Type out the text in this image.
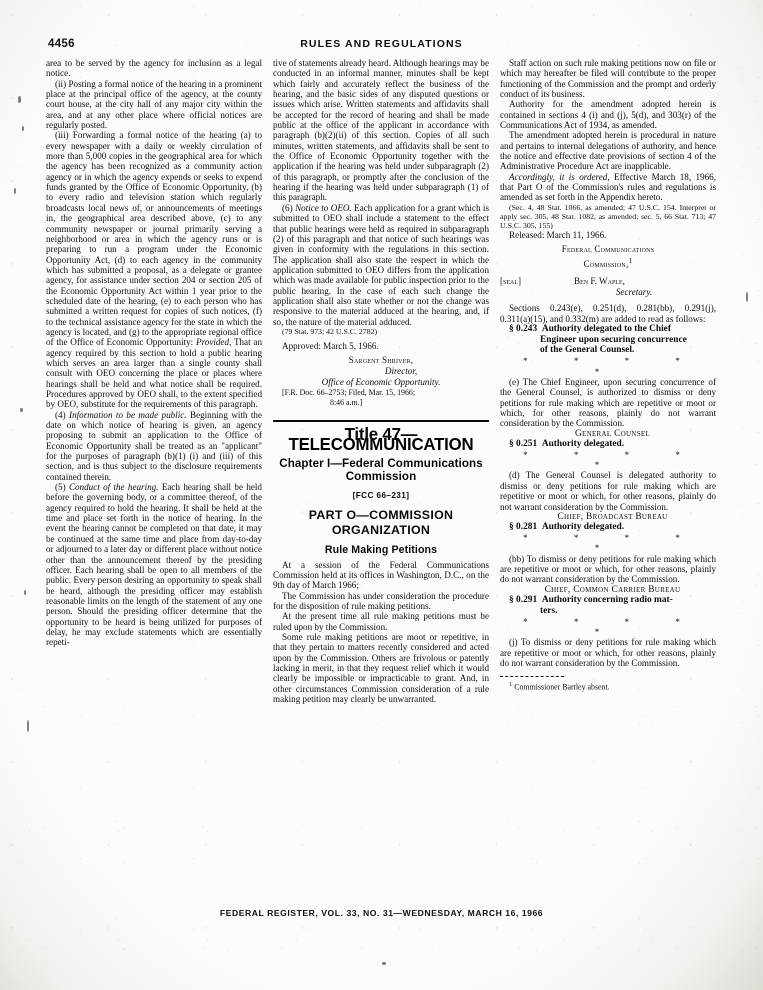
4456	RULES AND REGULATIONS

area to be served by the agency for inclusion as a legal notice.

(ii) Posting a formal notice of the hearing in a prominent place at the principal office of the agency, at the county court house, at the city hall of any major city within the area, and at any other place where official notices are regularly posted.

(iii) Forwarding a formal notice of the hearing (a) to every newspaper with a daily or weekly circulation of more than 5,000 copies in the geographical area for which the agency has been recognized as a community action agency or in which the agency expends or seeks to expend funds granted by the Office of Economic Opportunity, (b) to every radio and television station which regularly broadcasts local news of, or announcements of meetings in, the geographical area described above, (c) to any community newspaper or journal primarily serving a neighborhood or area in which the agency runs or is preparing to run a program under the Economic Opportunity Act, (d) to each agency in the community which has submitted a proposal, as a delegate or grantee agency, for assistance under section 204 or section 205 of the Economic Opportunity Act within 1 year prior to the scheduled date of the hearing, (e) to each person who has submitted a written request for copies of such notices, (f) to the technical assistance agency for the state in which the agency is located, and (g) to the appropriate regional office of the Office of Economic Opportunity: Provided, That an agency required by this section to hold a public hearing which serves an area larger than a single county shall consult with OEO concerning the place or places where hearings shall be held and what notice shall be required. Procedures approved by OEO shall, to the extent specified by OEO, substitute for the requirements of this paragraph.

(4) Information to be made public. Beginning with the date on which notice of hearing is given, an agency proposing to submit an application to the Office of Economic Opportunity shall be treated as an "applicant" for the purposes of paragraph (b)(1) (i) and (iii) of this section, and is thus subject to the disclosure requirements contained therein.

(5) Conduct of the hearing. Each hearing shall be held before the governing body, or a committee thereof, of the agency required to hold the hearing. It shall be held at the time and place set forth in the notice of hearing. In the event the hearing cannot be completed on that date, it may be continued at the same time and place from day-to-day or adjourned to a later day or different place without notice other than the announcement thereof by the presiding officer. Each hearing shall be open to all members of the public. Every person desiring an opportunity to speak shall be heard, although the presiding officer may establish reasonable limits on the length of the statement of any one person. Should the presiding officer determine that the opportunity to be heard is being utilized for purposes of delay, he may exclude statements which are essentially repeti-

tive of statements already heard. Although hearings may be conducted in an informal manner, minutes shall be kept which fairly and accurately reflect the business of the hearing, and the basic sides of any disputed questions or issues which arise. Written statements and affidavits shall be accepted for the record of hearing and shall be made public at the office of the applicant in accordance with paragraph (b)(2)(ii) of this section. Copies of all such minutes, written statements, and affidavits shall be sent to the Office of Economic Opportunity together with the application if the hearing was held under subparagraph (2) of this paragraph, or promptly after the conclusion of the hearing if the hearing was held under subparagraph (1) of this paragraph.

(6) Notice to OEO. Each application for a grant which is submitted to OEO shall include a statement to the effect that public hearings were held as required in subparagraph (2) of this paragraph and that notice of such hearings was given in conformity with the regulations in this section. The application shall also state the respect in which the application submitted to OEO differs from the application which was made available for public inspection prior to the public hearing. In the case of each such change the application shall also state whether or not the change was responsive to the material adduced at the hearing, and, if so, the nature of the material adduced.

(79 Stat. 973; 42 U.S.C. 2782)

Approved: March 5, 1966.

Sargent Shriver,
Director,
Office of Economic Opportunity.

[F.R. Doc. 66–2753; Filed, Mar. 15, 1966;
8:46 a.m.]

Title 47—TELECOMMUNICATION
Chapter I—Federal Communications Commission
[FCC 66–231]
PART O—COMMISSION ORGANIZATION
Rule Making Petitions

At a session of the Federal Communications Commission held at its offices in Washington, D.C., on the 9th day of March 1966;

The Commission has under consideration the procedure for the disposition of rule making petitions.

At the present time all rule making petitions must be ruled upon by the Commission.

Some rule making petitions are moot or repetitive, in that they pertain to matters recently considered and acted upon by the Commission. Others are frivolous or patently lacking in merit, in that they request relief which it would clearly be impossible or impracticable to grant. And, in other circumstances Commission consideration of a rule making petition may clearly be unwarranted.

Staff action on such rule making petitions now on file or which may hereafter be filed will contribute to the proper functioning of the Commission and the prompt and orderly conduct of its business.

Authority for the amendment adopted herein is contained in sections 4 (i) and (j), 5(d), and 303(r) of the Communications Act of 1934, as amended.

The amendment adopted herein is procedural in nature and pertains to internal delegations of authority, and hence the notice and effective date provisions of section 4 of the Administrative Procedure Act are inapplicable.

Accordingly, it is ordered, Effective March 18, 1966, that Part O of the Commission's rules and regulations is amended as set forth in the Appendix hereto.

(Sec. 4, 48 Stat. 1066, as amended; 47 U.S.C. 154. Interpret or apply sec. 305, 48 Stat. 1082, as amended; sec. 5, 66 Stat. 713; 47 U.S.C. 305, 155)

Released: March 11, 1966.

Federal Communications
Commission,$^1$
[seal]	Ben F. Waple,
Secretary.

Sections 0.243(e), 0.251(d), 0.281(bb), 0.291(j), 0.311(a)(15), and 0.332(m) are added to read as follows:

§ 0.243 Authority delegated to the Chief
Engineer upon securing concurrence
of the General Counsel.

* * * * *

(e) The Chief Engineer, upon securing concurrence of the General Counsel, is authorized to dismiss or deny petitions for rule making which are repetitive or moot or which, for other reasons, plainly do not warrant consideration by the Commission.

General Counsel

§ 0.251 Authority delegated.

* * * * *

(d) The General Counsel is delegated authority to dismiss or deny petitions for rule making which are repetitive or moot or which, for other reasons, plainly do not warrant consideration by the Commission.

Chief, Broadcast Bureau

§ 0.281 Authority delegated.

* * * * *

(bb) To dismiss or deny petitions for rule making which are repetitive or moot or which, for other reasons, plainly do not warrant consideration by the Commission.

Chief, Common Carrier Bureau

§ 0.291 Authority concerning radio mat-
ters.

* * * * *

(j) To dismiss or deny petitions for rule making which are repetitive or moot or which, for other reasons, plainly do not warrant consideration by the Commission.

$^1$ Commissioner Bartley absent.

FEDERAL REGISTER, VOL. 33, NO. 31—WEDNESDAY, MARCH 16, 1966
